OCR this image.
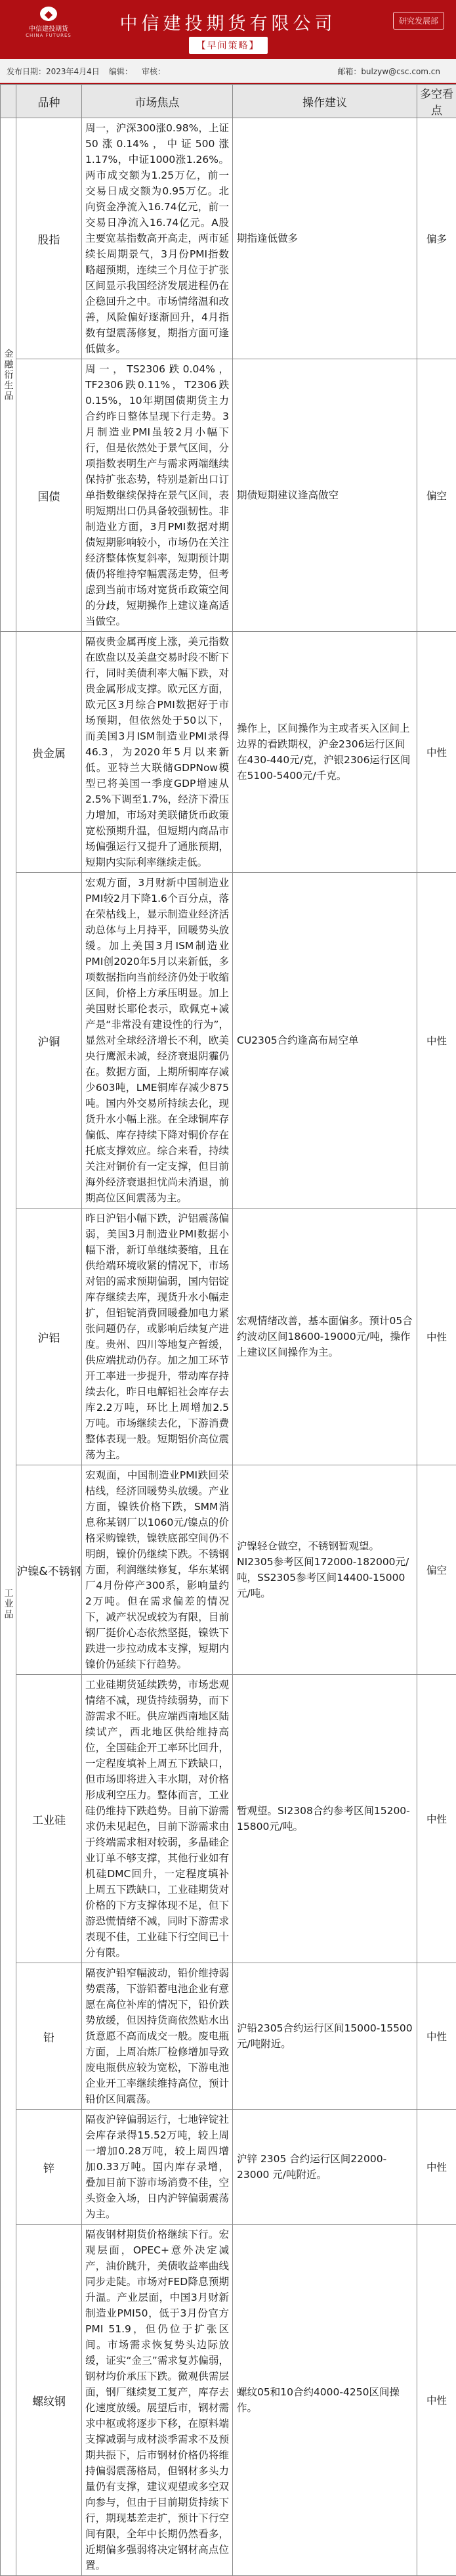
◆
中信建投期货
CHINA FUTURES
中信建投期货有限公司
【早间策略】
研究发展部
发布日期：2023年4月4日 编辑： 审核：	邮箱：bulzyw@csc.com.cn
	品种	市场焦点	操作建议	多空看点
金融衍生品	股指	周一，沪深300涨0.98%，上证50涨0.14%，中证500涨1.17%，中证1000涨1.26%。两市成交额为1.25万亿，前一交易日成交额为0.95万亿。北向资金净流入16.74亿元，前一交易日净流入16.74亿元。A股主要宽基指数高开高走，两市延续长周期景气，3月份PMI指数略超预期，连续三个月位于扩张区间显示我国经济发展进程仍在企稳回升之中。市场情绪温和改善，风险偏好逐渐回升，4月指数有望震荡修复，期指方面可逢低做多。	期指逢低做多	偏多
	国债	周一，TS2306跌0.04%，TF2306跌0.11%，T2306跌0.15%，10年期国债期货主力合约昨日整体呈现下行走势。3月制造业PMI虽较2月小幅下行，但是依然处于景气区间，分项指数表明生产与需求两端继续保持扩张态势，特别是新出口订单指数继续保持在景气区间，表明短期出口仍具备较强韧性。非制造业方面，3月PMI数据对期债短期影响较小，市场仍在关注经济整体恢复斜率，短期预计期债仍将维持窄幅震荡走势，但考虑到当前市场对宽货币政策空间的分歧，短期操作上建议逢高适当做空。	期债短期建议逢高做空	偏空
工业品	贵金属	隔夜贵金属再度上涨，美元指数在欧盘以及美盘交易时段不断下行，同时美债利率大幅下跌，对贵金属形成支撑。欧元区方面，欧元区3月综合PMI数据好于市场预期，但依然处于50以下，而美国3月ISM制造业PMI录得46.3，为2020年5月以来新低。亚特兰大联储GDPNow模型已将美国一季度GDP增速从2.5%下调至1.7%，经济下滑压力增加，市场对美联储货币政策宽松预期升温，但短期内商品市场偏强运行又提升了通胀预期，短期内实际利率继续走低。	操作上，区间操作为主或者买入区间上边界的看跌期权，沪金2306运行区间在430-440元/克，沪银2306运行区间在5100-5400元/千克。	中性
	沪铜	宏观方面，3月财新中国制造业PMI较2月下降1.6个百分点，落在荣枯线上，显示制造业经济活动总体与上月持平，回暖势头放缓。加上美国3月ISM制造业PMI创2020年5月以来新低，多项数据指向当前经济仍处于收缩区间，价格上方承压明显。加上美国财长耶伦表示，欧佩克+减产是“非常没有建设性的行为”，显然对全球经济增长不利，欧美央行鹰派未减，经济衰退阴霾仍在。数据方面，上期所铜库存减少603吨，LME铜库存减少875吨。国内外交易所持续去化，现货升水小幅上涨。在全球铜库存偏低、库存持续下降对铜价存在托底支撑效应。综合来看，持续关注对铜价有一定支撑，但目前海外经济衰退担忧尚未消退，前期高位区间震荡为主。	CU2305合约逢高布局空单	中性
	沪铝	昨日沪铝小幅下跌，沪铝震荡偏弱，美国3月制造业PMI数据小幅下滑，新订单继续萎缩，且在供给端环境收紧的情况下，市场对铝的需求预期偏弱，国内铝锭库存继续去库，现货升水小幅走扩，但铝锭消费回暖叠加电力紧张问题仍存，或影响后续复产进度。贵州、四川等地复产暂缓，供应端扰动仍存。加之加工环节开工率进一步提升，带动库存持续去化，昨日电解铝社会库存去库2.2万吨，环比上周增加2.5万吨。市场继续去化，下游消费整体表现一般。短期铝价高位震荡为主。	宏观情绪改善，基本面偏多。预计05合约波动区间18600-19000元/吨，操作上建议区间操作为主。	中性
	沪镍&不锈钢	宏观面，中国制造业PMI跌回荣枯线，经济回暖势头放缓。产业方面，镍铁价格下跌，SMM消息称某钢厂以1060元/镍点的价格采购镍铁，镍铁底部空间仍不明朗，镍价仍继续下跌。不锈钢方面，利润继续修复，华东某钢厂4月份停产300系，影响量约2万吨。但在需求偏差的情况下，减产状况或较为有限，目前钢厂挺价心态依然坚挺，镍铁下跌进一步拉动成本支撑，短期内镍价仍延续下行趋势。	沪镍轻仓做空，不锈钢暂观望。NI2305参考区间172000-182000元/吨，SS2305参考区间14400-15000元/吨。	偏空
	工业硅	工业硅期货延续跌势，市场悲观情绪不减，现货持续弱势，而下游需求不旺。供应端西南地区陆续试产，西北地区供给维持高位，全国硅企开工率环比回升，一定程度填补上周五下跌缺口，但市场即将进入丰水期，对价格形成利空压力。整体而言，工业硅仍维持下跌趋势。目前下游需求仍未见起色，目前下游需求由于终端需求相对较弱，多晶硅企业订单不够支撑，其他行业如有机硅DMC回升，一定程度填补上周五下跌缺口，工业硅期货对价格的下方支撑体现不足，但下游恐慌情绪不减，同时下游需求表现不佳，工业硅下行空间已十分有限。	暂观望。SI2308合约参考区间15200-15800元/吨。	中性
	铅	隔夜沪铅窄幅波动，铅价维持弱势震荡，下游铅蓄电池企业有意愿在高位补库的情况下，铅价跌势放缓，但因持货商依然贴水出货意愿不高而成交一般。废电瓶方面，上周冶炼厂检修增加导致废电瓶供应较为宽松，下游电池企业开工率继续维持高位，预计铅价区间震荡。	沪铅2305合约运行区间15000-15500元/吨附近。	中性
	锌	隔夜沪锌偏弱运行，七地锌锭社会库存录得15.52万吨，较上周一增加0.28万吨，较上周四增加0.33万吨。国内库存录增，叠加目前下游市场消费不佳，空头资金入场，日内沪锌偏弱震荡为主。	沪锌 2305 合约运行区间22000-23000 元/吨附近。	中性
	螺纹钢	隔夜钢材期货价格继续下行。宏观层面，OPEC+意外决定减产，油价跳升，美债收益率曲线同步走陡。市场对FED降息预期升温。产业层面，中国3月财新制造业PMI50，低于3月份官方PMI 51.9，但仍位于扩张区间。市场需求恢复势头边际放缓，证实“金三”需求复苏偏弱，钢材均价承压下跌。微观供需层面，钢厂继续复工复产，库存去化速度放缓。展望后市，钢材需求中枢或将逐步下移，在原料端支撑减弱与成材淡季需求不及预期共振下，后市钢材价格仍将维持偏弱震荡格局，但钢材多头力量仍有支撑，建议观望或多空双向参与，但由于目前期货持续下行，期现基差走扩，预计下行空间有限，全年中长期仍然看多，近期偏多强弱将决定钢材高点位置。	螺纹05和10合约4000-4250区间操作。	中性
